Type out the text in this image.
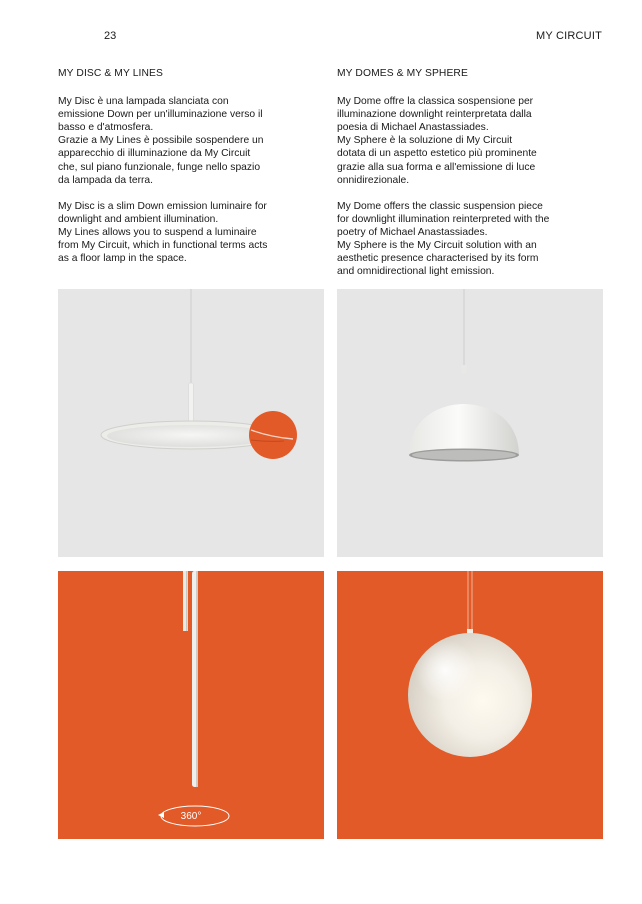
23	MY CIRCUIT
MY DISC & MY LINES

My Disc è una lampada slanciata con
emissione Down per un'illuminazione verso il
basso e d'atmosfera.
Grazie a My Lines è possibile sospendere un
apparecchio di illuminazione da My Circuit
che, sul piano funzionale, funge nello spazio
da lampada da terra.

My Disc is a slim Down emission luminaire for
downlight and ambient illumination.
My Lines allows you to suspend a luminaire
from My Circuit, which in functional terms acts
as a floor lamp in the space.

MY DOMES & MY SPHERE

My Dome offre la classica sospensione per
illuminazione downlight reinterpretata dalla
poesia di Michael Anastassiades.
My Sphere è la soluzione di My Circuit
dotata di un aspetto estetico più prominente
grazie alla sua forma e all'emissione di luce
onnidirezionale.

My Dome offers the classic suspension piece
for downlight illumination reinterpreted with the
poetry of Michael Anastassiades.
My Sphere is the My Circuit solution with an
aesthetic presence characterised by its form
and omnidirectional light emission.

360°
